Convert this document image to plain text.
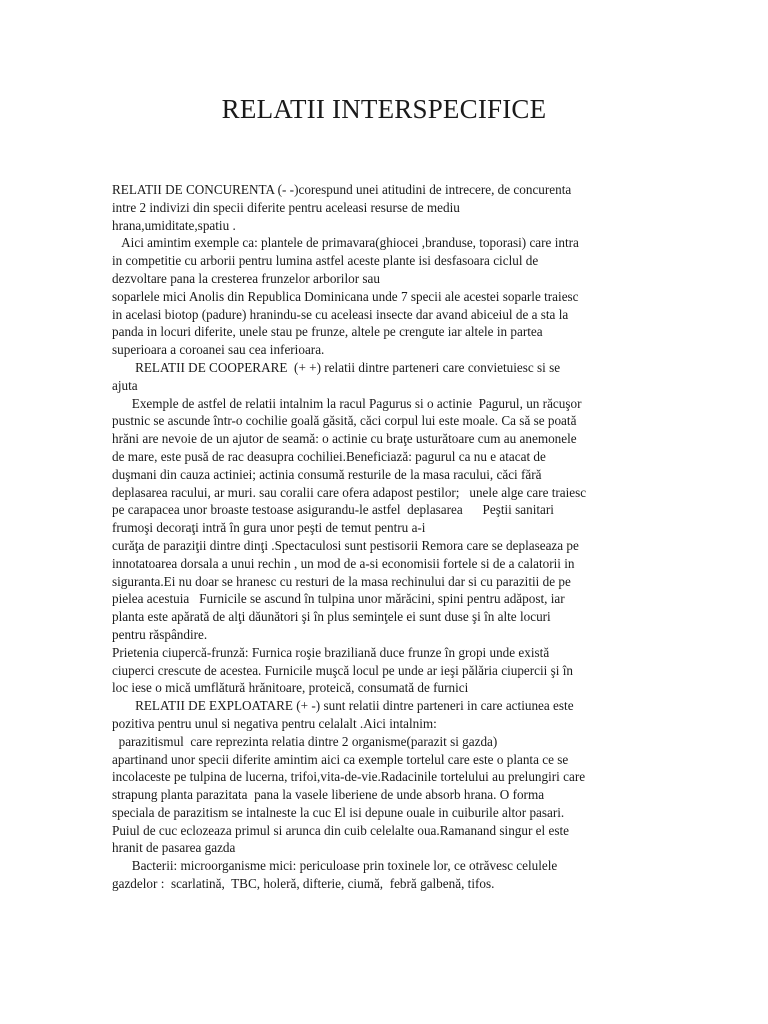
RELATII INTERSPECIFICE
RELATII DE CONCURENTA (- -)corespund unei atitudini de intrecere, de concurenta
intre 2 indivizi din specii diferite pentru aceleasi resurse de mediu
hrana,umiditate,spatiu .
Aici amintim exemple ca: plantele de primavara(ghiocei ,branduse, toporasi) care intra
in competitie cu arborii pentru lumina astfel aceste plante isi desfasoara ciclul de
dezvoltare pana la cresterea frunzelor arborilor sau
soparlele mici Anolis din Republica Dominicana unde 7 specii ale acestei soparle traiesc
in acelasi biotop (padure) hranindu-se cu aceleasi insecte dar avand abiceiul de a sta la
panda in locuri diferite, unele stau pe frunze, altele pe crengute iar altele in partea
superioara a coroanei sau cea inferioara.
RELATII DE COOPERARE  (+ +) relatii dintre parteneri care convietuiesc si se
ajuta
Exemple de astfel de relatii intalnim la racul Pagurus si o actinie  Pagurul, un răcuşor
pustnic se ascunde într-o cochilie goală găsită, căci corpul lui este moale. Ca să se poată
hrăni are nevoie de un ajutor de seamă: o actinie cu braţe usturătoare cum au anemonele
de mare, este pusă de rac deasupra cochiliei.Beneficiază: pagurul ca nu e atacat de
duşmani din cauza actiniei; actinia consumă resturile de la masa racului, căci fără
deplasarea racului, ar muri. sau coralii care ofera adapost pestilor;   unele alge care traiesc
pe carapacea unor broaste testoase asigurandu-le astfel  deplasarea      Peştii sanitari
frumoşi decoraţi intră în gura unor peşti de temut pentru a-i
curăţa de paraziţii dintre dinţi .Spectaculosi sunt pestisorii Remora care se deplaseaza pe
innotatoarea dorsala a unui rechin , un mod de a-si economisii fortele si de a calatorii in
siguranta.Ei nu doar se hranesc cu resturi de la masa rechinului dar si cu parazitii de pe
pielea acestuia   Furnicile se ascund în tulpina unor mărăcini, spini pentru adăpost, iar
planta este apărată de alţi dăunători şi în plus seminţele ei sunt duse şi în alte locuri
pentru răspândire.
Prietenia ciupercă-frunză: Furnica roşie braziliană duce frunze în gropi unde există
ciuperci crescute de acestea. Furnicile muşcă locul pe unde ar ieşi pălăria ciupercii şi în
loc iese o mică umflătură hrănitoare, proteică, consumată de furnici
RELATII DE EXPLOATARE (+ -) sunt relatii dintre parteneri in care actiunea este
pozitiva pentru unul si negativa pentru celalalt .Aici intalnim:
parazitismul  care reprezinta relatia dintre 2 organisme(parazit si gazda)
apartinand unor specii diferite amintim aici ca exemple tortelul care este o planta ce se
incolaceste pe tulpina de lucerna, trifoi,vita-de-vie.Radacinile tortelului au prelungiri care
strapung planta parazitata  pana la vasele liberiene de unde absorb hrana. O forma
speciala de parazitism se intalneste la cuc El isi depune ouale in cuiburile altor pasari.
Puiul de cuc eclozeaza primul si arunca din cuib celelalte oua.Ramanand singur el este
hranit de pasarea gazda
Bacterii: microorganisme mici: periculoase prin toxinele lor, ce otrăvesc celulele
gazdelor :  scarlatină,  TBC, holeră, difterie, ciumă,  febră galbenă, tifos.
